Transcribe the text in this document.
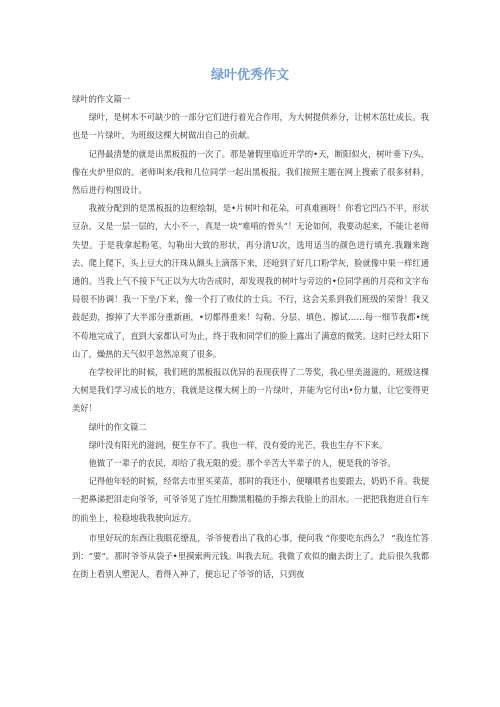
绿叶优秀作文

绿叶的作文篇一

绿叶，是树木不可缺少的一部分它们进行着光合作用，为大树提供养分，让树木茁壮成长。我也是一片绿叶，为班级这棵大树做出自己的贡献。

记得最清楚的就是出黑板报的一次了。那是暑假里临近开学的•天，断阳似火，树叶垂下/头，像在火炉里似的。老师叫来/我和几位同学一起出黑板报。我们按照主题在网上搜索了很多材料，然后进行构图设计。

我被分配到的是黑板报的边框绘制，是•片树叶和花朵，可真难画呀！你看它凹凸不平，形状豆杂，又是一层一层的，大小不一，真是一块“难啃的骨头”！无论如何，我要动起来，不能让老师失望。于是我拿起粉笔，勾勒出大致的形状，再分清U次，选用适当的颜色进行填充.我蹦来跑去、爬上爬下，头上豆大的汗珠从额头上滴落下来，还呛到了好几口粉学灰，脸就像中果一样红通通的。当我上气不接下气正以为大功告成时，却发现我的树叶与旁边的•位同学画的月亮和文字布局很不协调！我一下坐/下来，像一个打了败仗的士兵。不行，这会关系到我们班级的荣誉！我又鼓起劲，擦掉了大半部分重新画，•切都得重来！勾勒、分层、填色、擦试……每一细节我都•统不苟地完成了，直到大家都认可为止，终于我和同学们的脸上露出了满意的微笑。这时已经太阳下山了，燥热的天气似乎忽然凉爽了很多。

在学校评比的时候，我们班的黑板报以优异的表现获得了二等奖，我心里美滋滋的。班级这棵大树是我们学习成长的地方，我就是这棵大树上的一片绿叶，并能为它付出•份力量，让它变得更美好！

绿叶的作文篇二

绿叶没有阳光的滋润，便生存不了。我也一样，没有爱的光芒，我也生存不下来。

他做了一辈子的农民，却给了我无限的爱。那个辛苦大半辈子的人，便是我的爷爷。

记得他年轻的时候，经常去市里买菜苗，那时的我还小，便嚷喂者也要跟去，奶奶不肯。我便一把鼻涕把泪走向爷爷，可爷爷见了连忙用黝黑粗糙的手擦去我脸上的泪水。一把把我抱进自行车的前坐上，检稳地我我驶向远方。

市里好玩的东西让我眼花缭乱，爷爷便看出了我的心事，便问我 “你要吃东西么？ “我连忙答到：“要”。那时爷爷从袋子•里摸索两元钱。叫我去玩。我微了欢似的幽去街上了。此后很久我都在街上看别人塑泥人，看得入神了，便忘记了爷爷的话，只到夜
